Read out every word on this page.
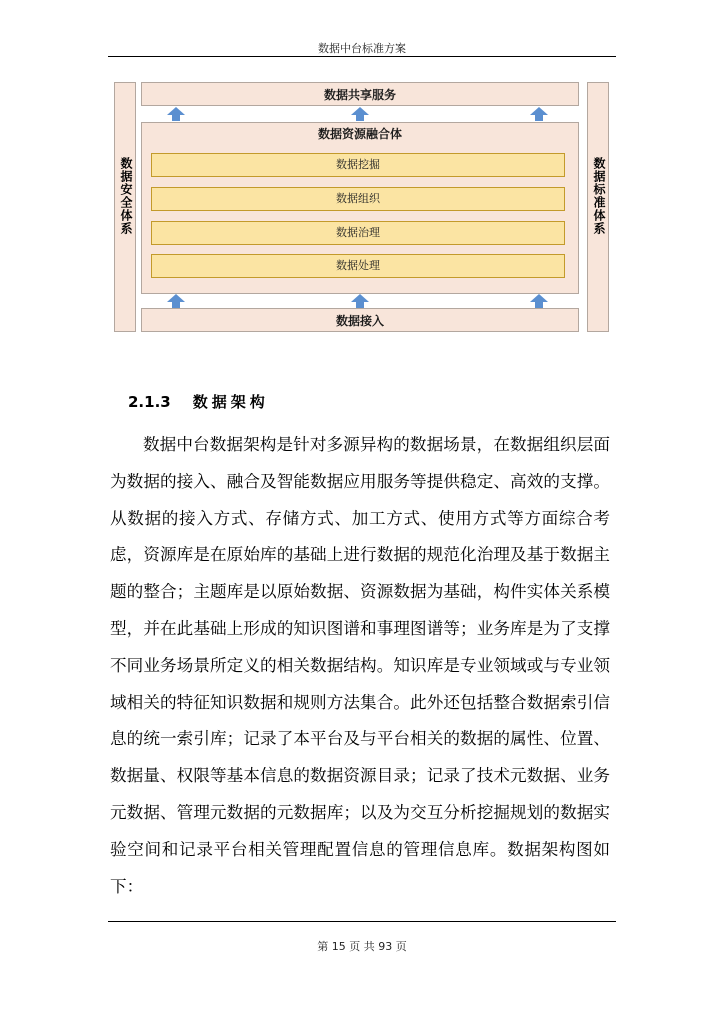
数据中台标准方案
数据安全体系	数据标准体系
数据共享服务
数据资源融合体
数据挖掘
数据组织
数据治理
数据处理
数据接入
2.1.3 数据架构

数据中台数据架构是针对多源异构的数据场景，在数据组织层面为数据的接入、融合及智能数据应用服务等提供稳定、高效的支撑。从数据的接入方式、存储方式、加工方式、使用方式等方面综合考虑，资源库是在原始库的基础上进行数据的规范化治理及基于数据主题的整合；主题库是以原始数据、资源数据为基础，构件实体关系模型，并在此基础上形成的知识图谱和事理图谱等；业务库是为了支撑不同业务场景所定义的相关数据结构。知识库是专业领域或与专业领域相关的特征知识数据和规则方法集合。此外还包括整合数据索引信息的统一索引库；记录了本平台及与平台相关的数据的属性、位置、数据量、权限等基本信息的数据资源目录；记录了技术元数据、业务元数据、管理元数据的元数据库；以及为交互分析挖掘规划的数据实验空间和记录平台相关管理配置信息的管理信息库。数据架构图如下：

第 15 页 共 93 页
